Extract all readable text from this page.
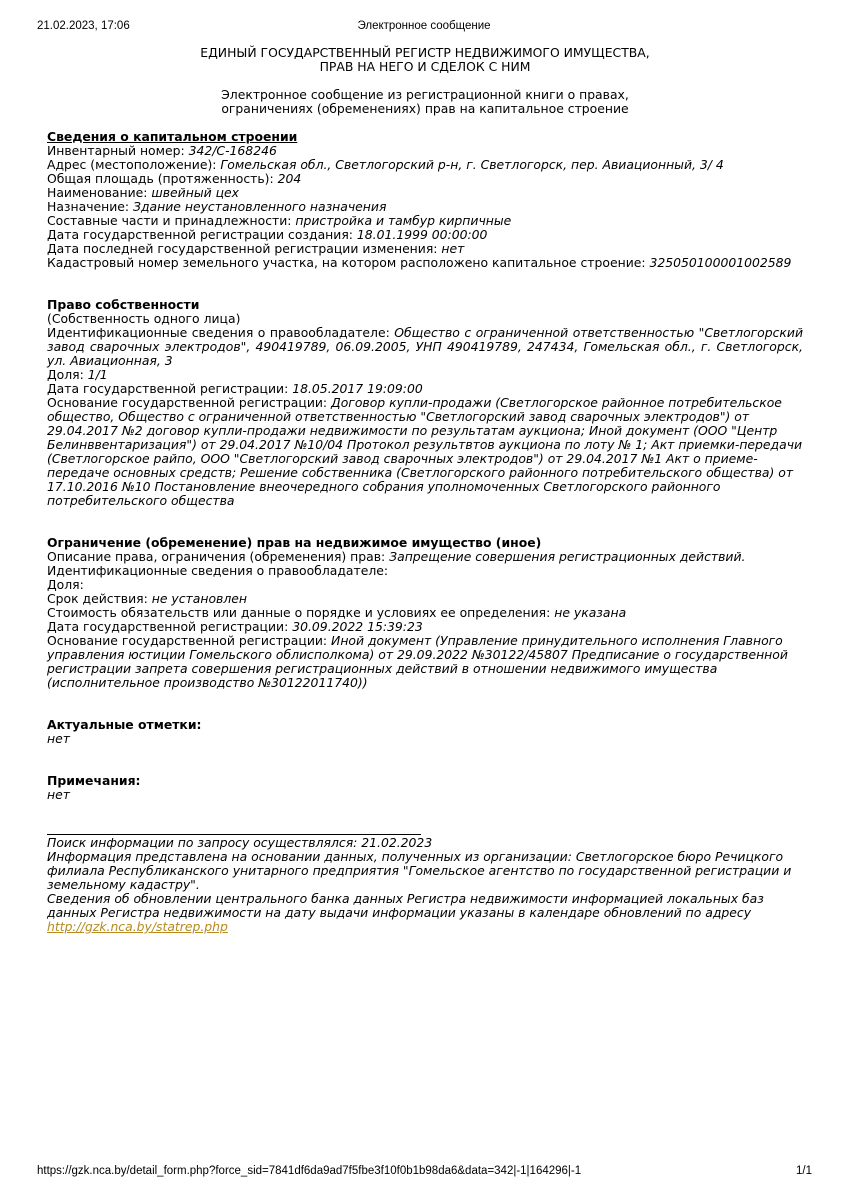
21.02.2023, 17:06	Электронное сообщение
ЕДИНЫЙ ГОСУДАРСТВЕННЫЙ РЕГИСТР НЕДВИЖИМОГО ИМУЩЕСТВА,
ПРАВ НА НЕГО И СДЕЛОК С НИМ
Электронное сообщение из регистрационной книги о правах,
ограничениях (обременениях) прав на капитальное строение
Сведения о капитальном строении
Инвентарный номер: 342/С-168246
Адрес (местоположение): Гомельская обл., Светлогорский р-н, г. Светлогорск, пер. Авиационный, 3/ 4
Общая площадь (протяженность): 204
Наименование: швейный цех
Назначение: Здание неустановленного назначения
Составные части и принадлежности: пристройка и тамбур кирпичные
Дата государственной регистрации создания: 18.01.1999 00:00:00
Дата последней государственной регистрации изменения: нет
Кадастровый номер земельного участка, на котором расположено капитальное строение: 325050100001002589
Право собственности
(Собственность одного лица)
Идентификационные сведения о правообладателе: Общество с ограниченной ответственностью "Светлогорский завод сварочных электродов", 490419789, 06.09.2005, УНП 490419789, 247434, Гомельская обл., г. Светлогорск, ул. Авиационная, 3
Доля: 1/1
Дата государственной регистрации: 18.05.2017 19:09:00
Основание государственной регистрации: Договор купли-продажи (Светлогорское районное потребительское общество, Общество с ограниченной ответственностью "Светлогорский завод сварочных электродов") от 29.04.2017 №2 договор купли-продажи недвижимости по результатам аукциона; Иной документ (ООО "Центр Белинввентаризация") от 29.04.2017 №10/04 Протокол результвтов аукциона по лоту № 1; Акт приемки-передачи (Светлогорское райпо, ООО "Светлогорский завод сварочных электродов") от 29.04.2017 №1 Акт о приеме-передаче основных средств; Решение собственника (Светлогорского районного потребительского общества) от 17.10.2016 №10 Постановление внеочередного собрания уполномоченных Светлогорского районного потребительского общества
Ограничение (обременение) прав на недвижимое имущество (иное)
Описание права, ограничения (обременения) прав: Запрещение совершения регистрационных действий.
Идентификационные сведения о правообладателе:
Доля:
Срок действия: не установлен
Стоимость обязательств или данные о порядке и условиях ее определения: не указана
Дата государственной регистрации: 30.09.2022 15:39:23
Основание государственной регистрации: Иной документ (Управление принудительного исполнения Главного управления юстиции Гомельского облисполкома) от 29.09.2022 №30122/45807 Предписание о государственной регистрации запрета совершения регистрационных действий в отношении недвижимого имущества (исполнительное производство №30122011740))
Актуальные отметки:
нет
Примечания:
нет
Поиск информации по запросу осуществлялся: 21.02.2023
Информация представлена на основании данных, полученных из организации: Светлогорское бюро Речицкого филиала Республиканского унитарного предприятия "Гомельское агентство по государственной регистрации и земельному кадастру".
Сведения об обновлении центрального банка данных Регистра недвижимости информацией локальных баз данных Регистра недвижимости на дату выдачи информации указаны в календаре обновлений по адресу
http://gzk.nca.by/statrep.php
https://gzk.nca.by/detail_form.php?force_sid=7841df6da9ad7f5fbe3f10f0b1b98da6&data=342|-1|164296|-1	1/1
